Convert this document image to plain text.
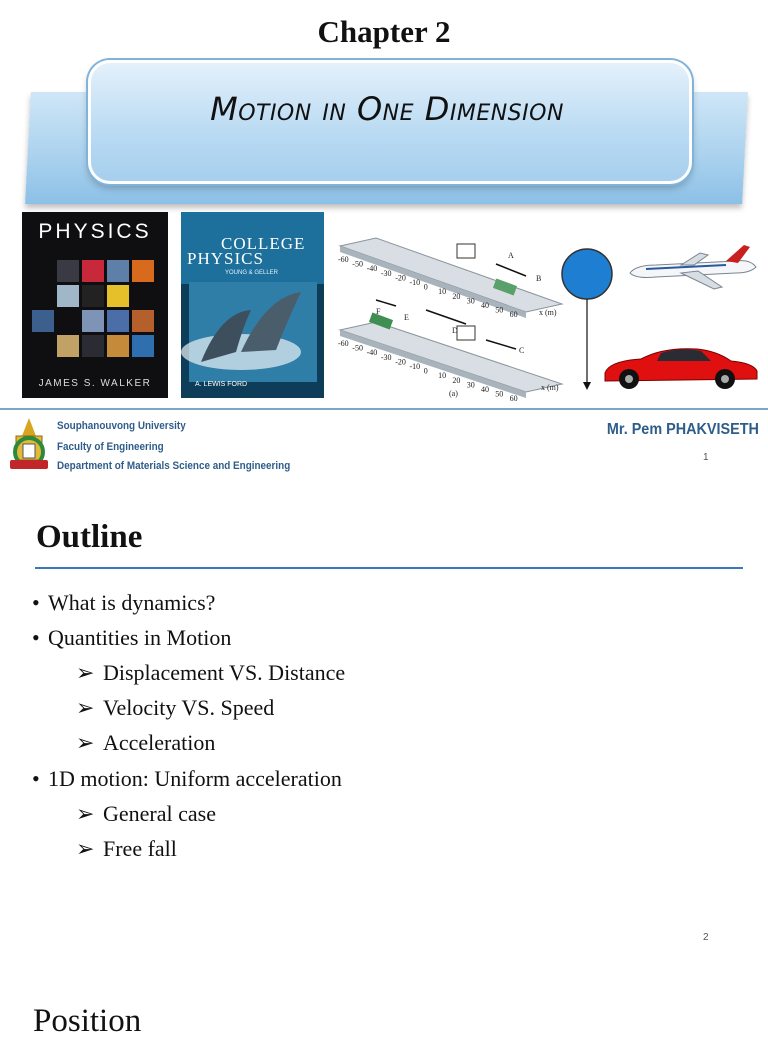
Chapter 2
Motion in One Dimension
PHYSICS
JAMES S. WALKER
COLLEGE
PHYSICS
YOUNG & GELLER
A. LEWIS FORD
-60
-50
-40
-30
-20
-10
0
10
20
30
40
50
60
-60
-50
-40
-30
-20
-10
0
10
20
30
40
50
60
A
B
F
E
D
C
x (m)
x (m)
(a)
Souphanouvong University
Faculty of Engineering
Department of Materials Science and Engineering
Mr. Pem PHAKVISETH
1
Outline
• What is dynamics?
• Quantities in Motion
➢ Displacement VS. Distance
➢ Velocity VS. Speed
➢ Acceleration
• 1D motion: Uniform acceleration
➢ General case
➢ Free fall
2
Position
